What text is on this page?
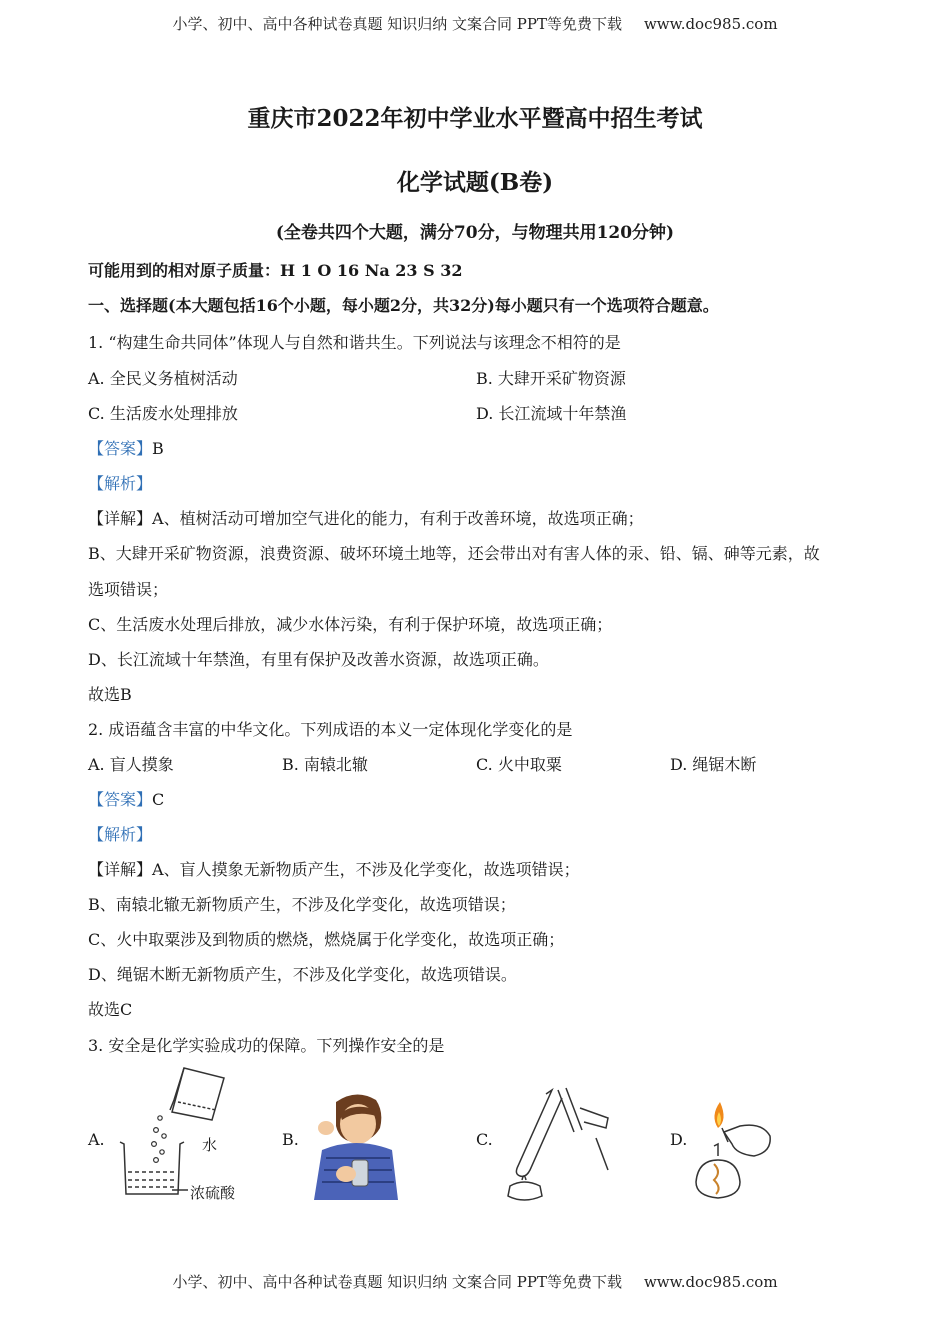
小学、初中、高中各种试卷真题 知识归纳 文案合同 PPT等免费下载 www.doc985.com
重庆市2022年初中学业水平暨高中招生考试
化学试题(B卷)
(全卷共四个大题，满分70分，与物理共用120分钟)
可能用到的相对原子质量：H 1 O 16 Na 23 S 32
一、选择题(本大题包括16个小题，每小题2分，共32分)每小题只有一个选项符合题意。
1. “构建生命共同体”体现人与自然和谐共生。下列说法与该理念不相符的是
A. 全民义务植树活动	B. 大肆开采矿物资源
C. 生活废水处理排放	D. 长江流域十年禁渔
【答案】B
【解析】
【详解】A、植树活动可增加空气进化的能力，有利于改善环境，故选项正确；
B、大肆开采矿物资源，浪费资源、破坏环境土地等，还会带出对有害人体的汞、铅、镉、砷等元素，故
选项错误；
C、生活废水处理后排放，减少水体污染，有利于保护环境，故选项正确；
D、长江流域十年禁渔，有里有保护及改善水资源，故选项正确。
故选B
2. 成语蕴含丰富的中华文化。下列成语的本义一定体现化学变化的是
A. 盲人摸象	B. 南辕北辙	C. 火中取粟	D. 绳锯木断
【答案】C
【解析】
【详解】A、盲人摸象无新物质产生，不涉及化学变化，故选项错误；
B、南辕北辙无新物质产生，不涉及化学变化，故选项错误；
C、火中取粟涉及到物质的燃烧，燃烧属于化学变化，故选项正确；
D、绳锯木断无新物质产生，不涉及化学变化，故选项错误。
故选C
3. 安全是化学实验成功的保障。下列操作安全的是
A.	B.	C.	D.
水
浓硫酸
小学、初中、高中各种试卷真题 知识归纳 文案合同 PPT等免费下载 www.doc985.com
